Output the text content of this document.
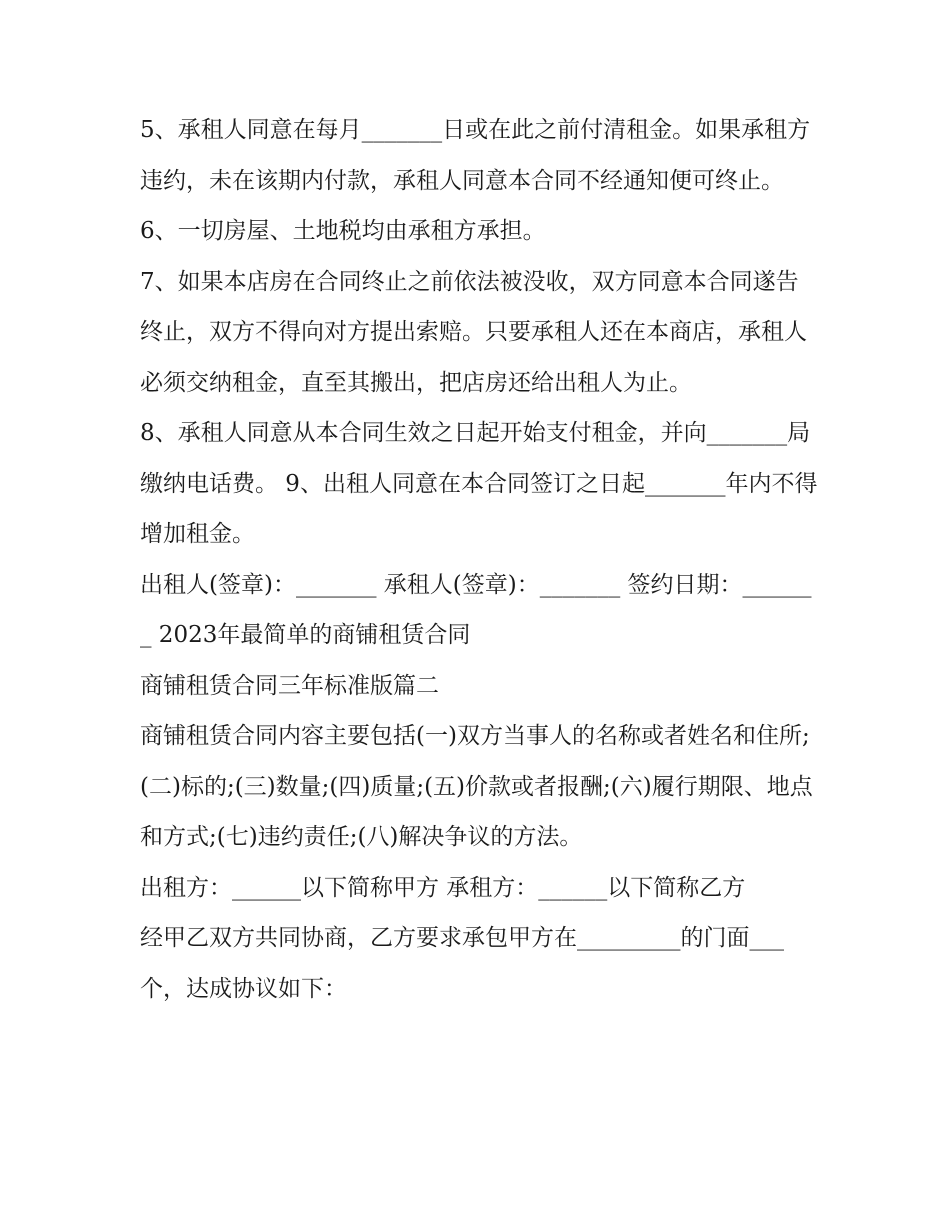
5、承租人同意在每月_______日或在此之前付清租金。如果承租方违约，未在该期内付款，承租人同意本合同不经通知便可终止。

6、一切房屋、土地税均由承租方承担。

7、如果本店房在合同终止之前依法被没收，双方同意本合同遂告终止，双方不得向对方提出索赔。只要承租人还在本商店，承租人必须交纳租金，直至其搬出，把店房还给出租人为止。

8、承租人同意从本合同生效之日起开始支付租金，并向_______局缴纳电话费。 9、出租人同意在本合同签订之日起_______年内不得增加租金。

出租人(签章)：_______ 承租人(签章)：_______ 签约日期：_______ 2023年最简单的商铺租赁合同

商铺租赁合同三年标准版篇二

商铺租赁合同内容主要包括(一)双方当事人的名称或者姓名和住所;(二)标的;(三)数量;(四)质量;(五)价款或者报酬;(六)履行期限、地点和方式;(七)违约责任;(八)解决争议的方法。

出租方：______以下简称甲方 承租方：______以下简称乙方

经甲乙双方共同协商，乙方要求承包甲方在_________的门面___个，达成协议如下：
